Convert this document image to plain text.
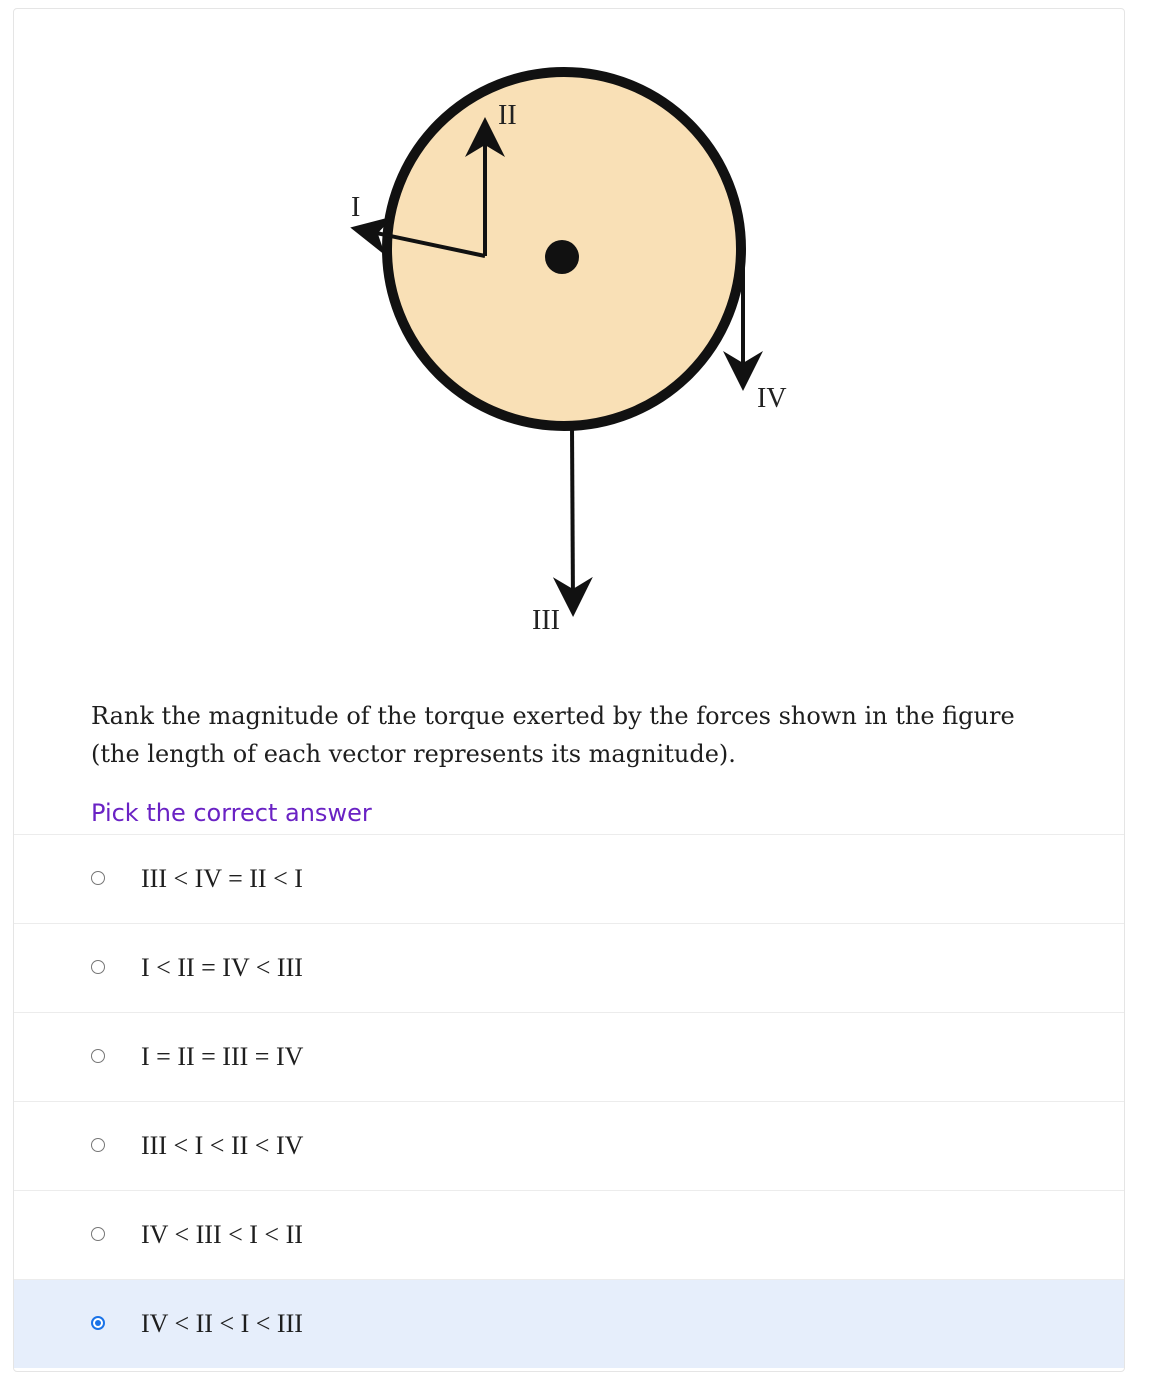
II
I
IV
III
Rank the magnitude of the torque exerted by the forces shown in the figure (the length of each vector represents its magnitude).
Pick the correct answer
III < IV = II < I
I < II = IV < III
I = II = III = IV
III < I < II < IV
IV < III < I < II
IV < II < I < III
